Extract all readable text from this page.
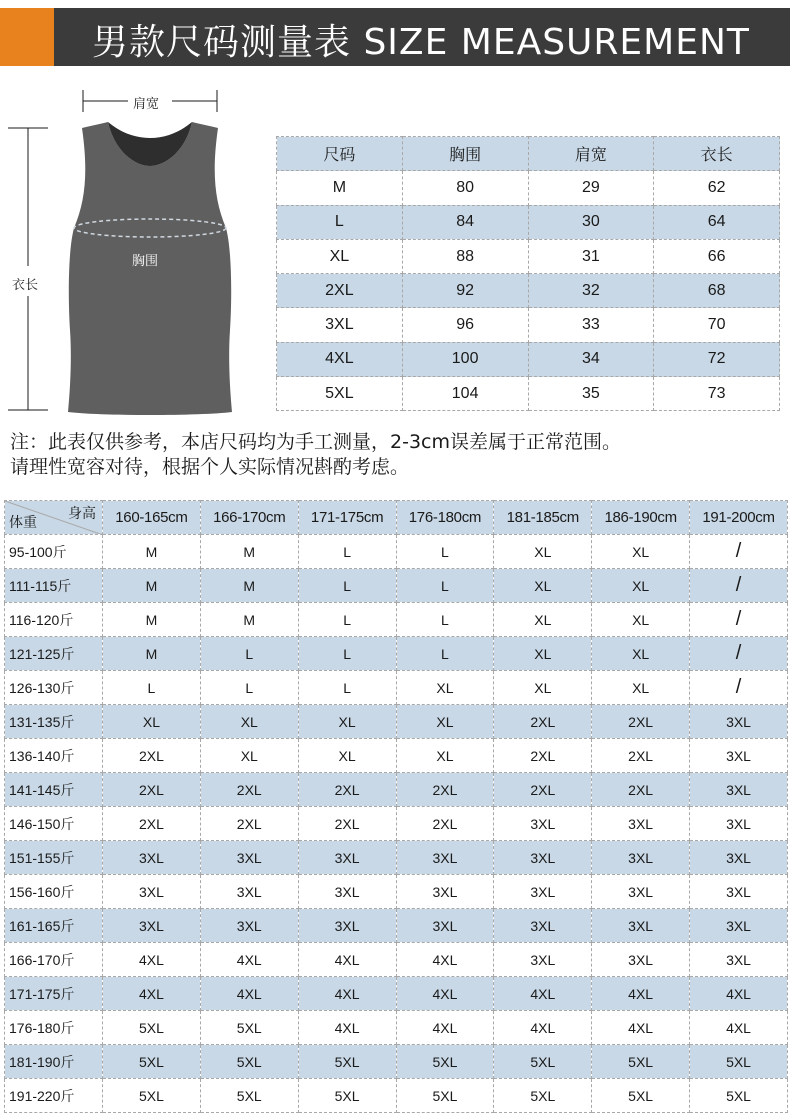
男款尺码测量表 SIZE MEASUREMENT
肩宽
胸围
衣长
尺码	胸围	肩宽	衣长
M	80	29	62
L	84	30	64
XL	88	31	66
2XL	92	32	68
3XL	96	33	70
4XL	100	34	72
5XL	104	35	73
注：此表仅供参考，本店尺码均为手工测量，2-3cm误差属于正常范围。
请理性宽容对待，根据个人实际情况斟酌考虑。
身高
体重	160-165cm	166-170cm	171-175cm	176-180cm	181-185cm	186-190cm	191-200cm
95-100斤	M	M	L	L	XL	XL	/
111-115斤	M	M	L	L	XL	XL	/
116-120斤	M	M	L	L	XL	XL	/
121-125斤	M	L	L	L	XL	XL	/
126-130斤	L	L	L	XL	XL	XL	/
131-135斤	XL	XL	XL	XL	2XL	2XL	3XL
136-140斤	2XL	XL	XL	XL	2XL	2XL	3XL
141-145斤	2XL	2XL	2XL	2XL	2XL	2XL	3XL
146-150斤	2XL	2XL	2XL	2XL	3XL	3XL	3XL
151-155斤	3XL	3XL	3XL	3XL	3XL	3XL	3XL
156-160斤	3XL	3XL	3XL	3XL	3XL	3XL	3XL
161-165斤	3XL	3XL	3XL	3XL	3XL	3XL	3XL
166-170斤	4XL	4XL	4XL	4XL	3XL	3XL	3XL
171-175斤	4XL	4XL	4XL	4XL	4XL	4XL	4XL
176-180斤	5XL	5XL	4XL	4XL	4XL	4XL	4XL
181-190斤	5XL	5XL	5XL	5XL	5XL	5XL	5XL
191-220斤	5XL	5XL	5XL	5XL	5XL	5XL	5XL
